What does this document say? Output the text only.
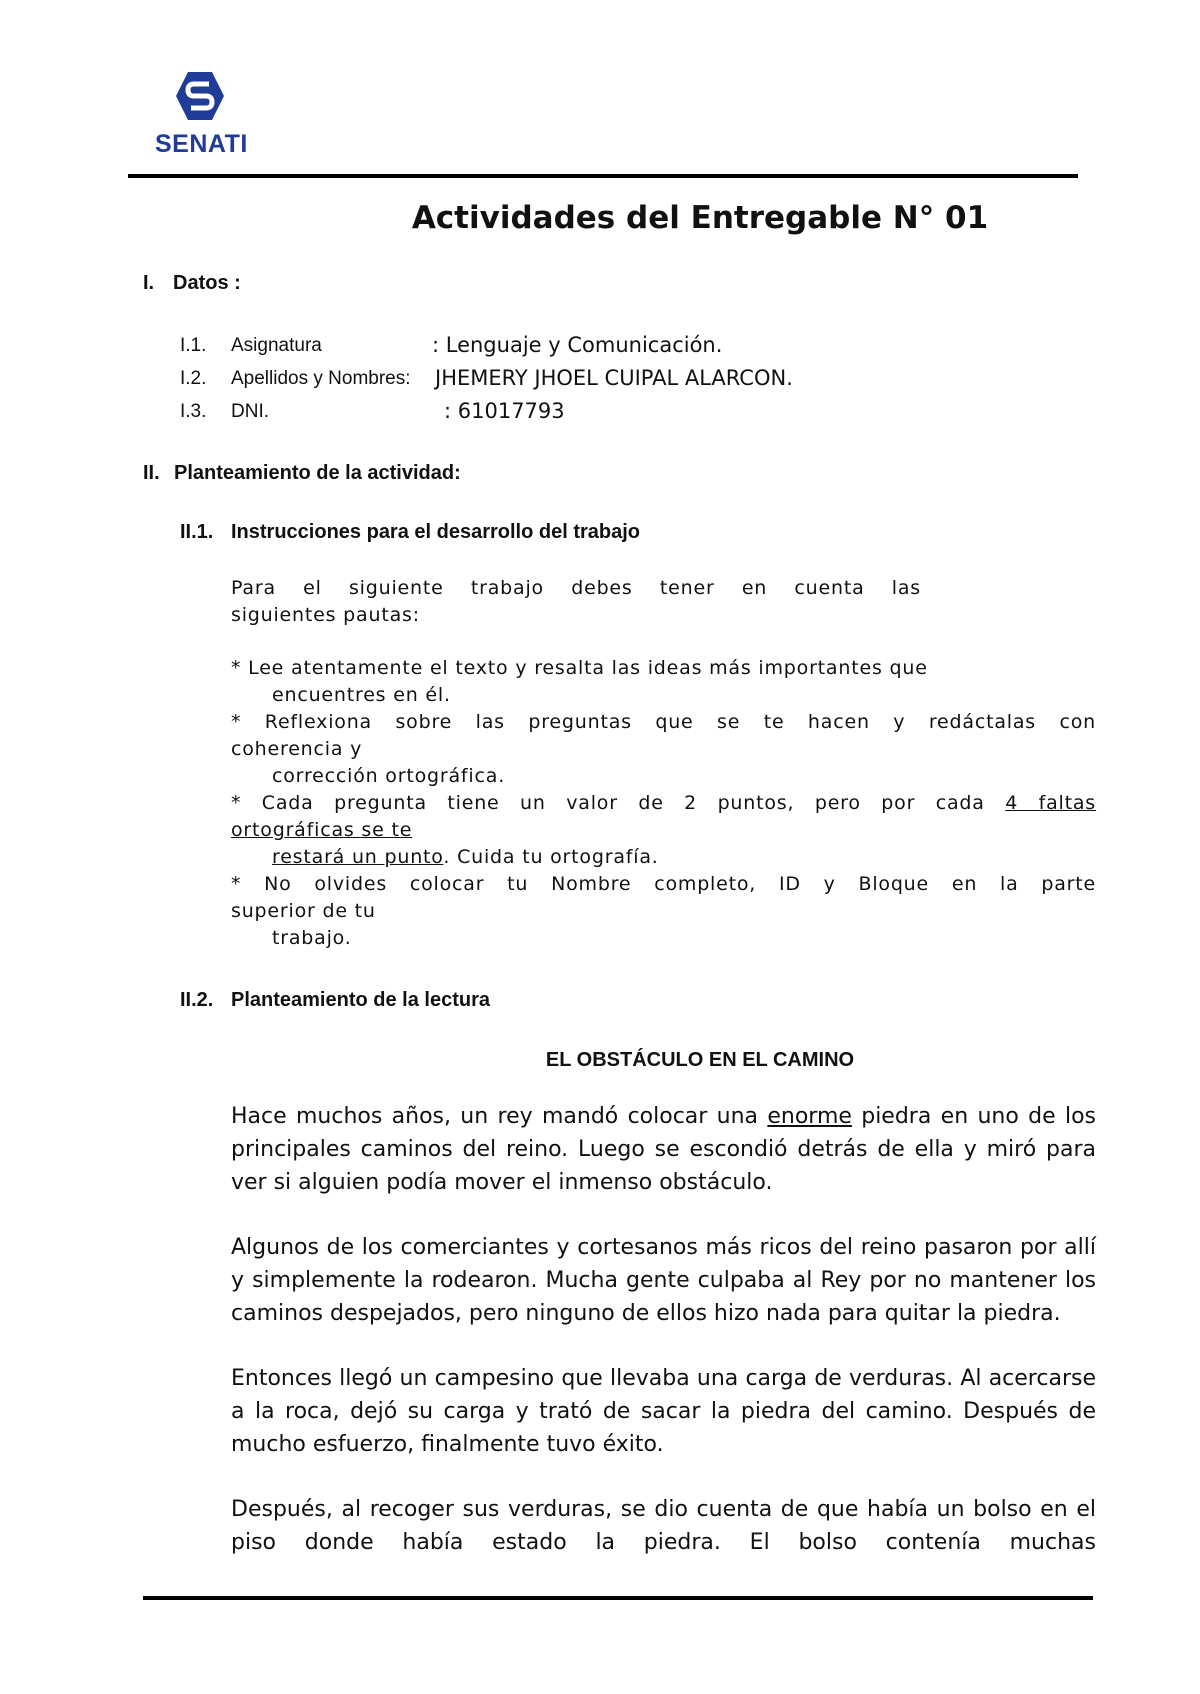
SENATI
Actividades del Entregable N° 01
I. Datos :
I.1. Asignatura	: Lenguaje y Comunicación.
I.2. Apellidos y Nombres: JHEMERY JHOEL CUIPAL ALARCON.
I.3. DNI.	: 61017793
II. Planteamiento de la actividad:
II.1. Instrucciones para el desarrollo del trabajo
Para el siguiente trabajo debes tener en cuenta las
siguientes pautas:
* Lee atentamente el texto y resalta las ideas más importantes que
encuentres en él.
* Reflexiona sobre las preguntas que se te hacen y redáctalas con
coherencia y
corrección ortográfica.
* Cada pregunta tiene un valor de 2 puntos, pero por cada 4 faltas
ortográficas se te
restará un punto. Cuida tu ortografía.
* No olvides colocar tu Nombre completo, ID y Bloque en la parte
superior de tu
trabajo.
II.2. Planteamiento de la lectura
EL OBSTÁCULO EN EL CAMINO

Hace muchos años, un rey mandó colocar una enorme piedra en uno de los principales caminos del reino. Luego se escondió detrás de ella y miró para ver si alguien podía mover el inmenso obstáculo.

Algunos de los comerciantes y cortesanos más ricos del reino pasaron por allí y simplemente la rodearon. Mucha gente culpaba al Rey por no mantener los caminos despejados, pero ninguno de ellos hizo nada para quitar la piedra.

Entonces llegó un campesino que llevaba una carga de verduras. Al acercarse a la roca, dejó su carga y trató de sacar la piedra del camino. Después de mucho esfuerzo, finalmente tuvo éxito.

Después, al recoger sus verduras, se dio cuenta de que había un bolso en el piso donde había estado la piedra. El bolso contenía muchas
